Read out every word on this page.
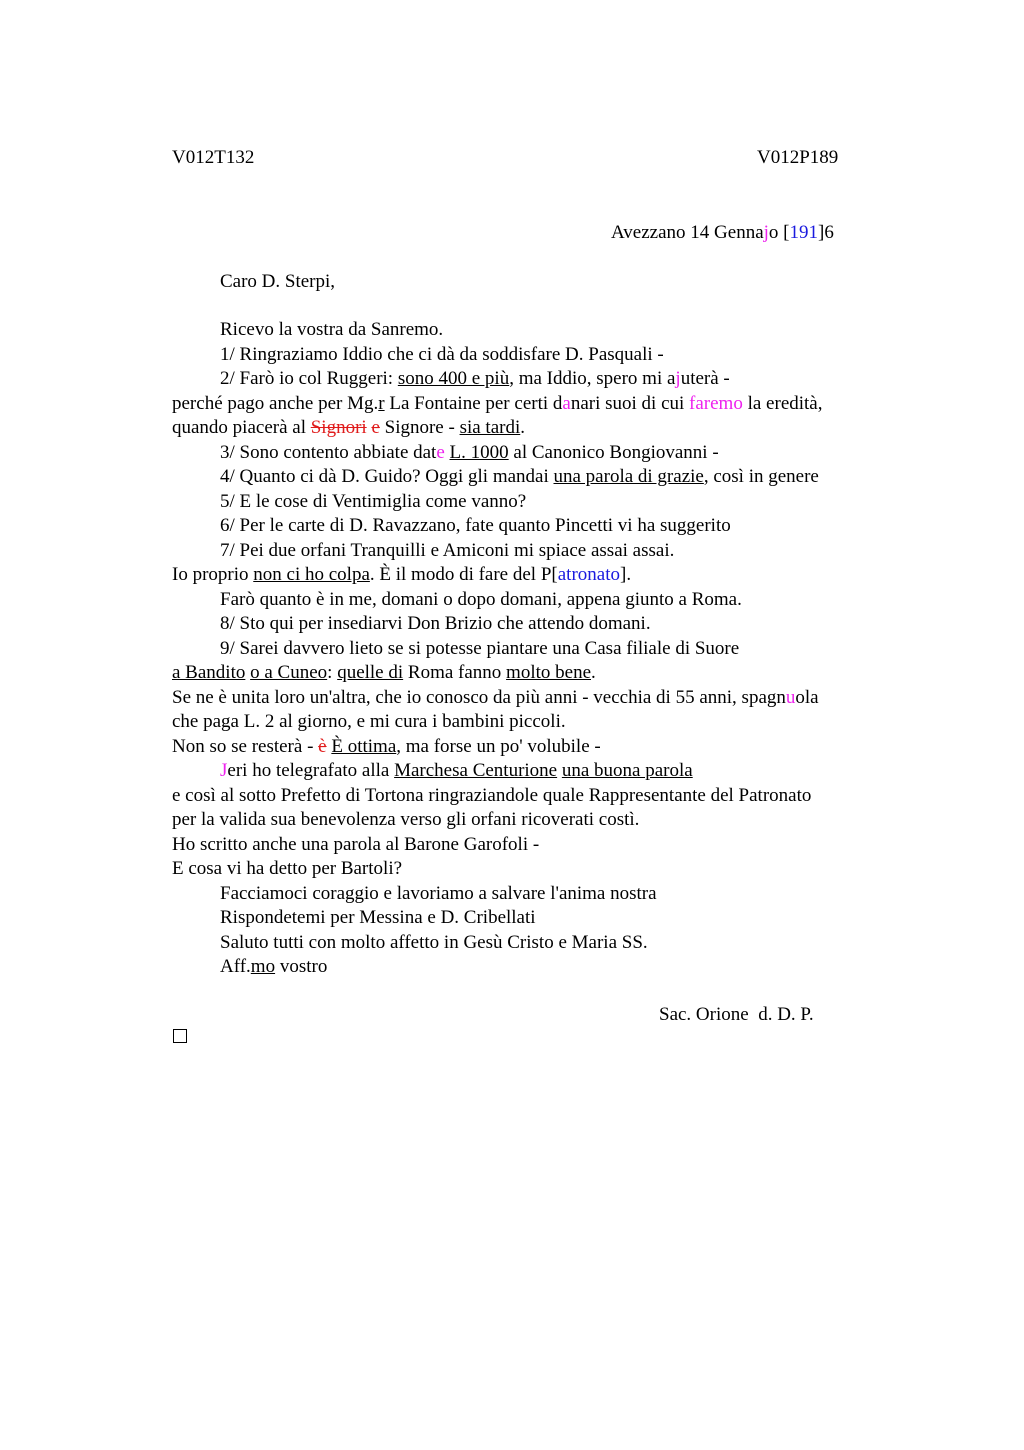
V012T132	V012P189
Avezzano 14 Gennajo [191]6
Caro D. Sterpi,
Ricevo la vostra da Sanremo.
1/ Ringraziamo Iddio che ci dà da soddisfare D. Pasquali -
2/ Farò io col Ruggeri: sono 400 e più, ma Iddio, spero mi ajuterà -
perché pago anche per Mg.r La Fontaine per certi danari suoi di cui faremo la eredità,
quando piacerà al Signori e Signore - sia tardi.
3/ Sono contento abbiate date L. 1000 al Canonico Bongiovanni -
4/ Quanto ci dà D. Guido? Oggi gli mandai una parola di grazie, così in genere
5/ E le cose di Ventimiglia come vanno?
6/ Per le carte di D. Ravazzano, fate quanto Pincetti vi ha suggerito
7/ Pei due orfani Tranquilli e Amiconi mi spiace assai assai.
Io proprio non ci ho colpa. È il modo di fare del P[atronato].
Farò quanto è in me, domani o dopo domani, appena giunto a Roma.
8/ Sto qui per insediarvi Don Brizio che attendo domani.
9/ Sarei davvero lieto se si potesse piantare una Casa filiale di Suore
a Bandito o a Cuneo: quelle di Roma fanno molto bene.
Se ne è unita loro un'altra, che io conosco da più anni - vecchia di 55 anni, spagnuola
che paga L. 2 al giorno, e mi cura i bambini piccoli.
Non so se resterà - è È ottima, ma forse un po' volubile -
Jeri ho telegrafato alla Marchesa Centurione una buona parola
e così al sotto Prefetto di Tortona ringraziandole quale Rappresentante del Patronato
per la valida sua benevolenza verso gli orfani ricoverati costì.
Ho scritto anche una parola al Barone Garofoli -
E cosa vi ha detto per Bartoli?
Facciamoci coraggio e lavoriamo a salvare l'anima nostra
Rispondetemi per Messina e D. Cribellati
Saluto tutti con molto affetto in Gesù Cristo e Maria SS.
Aff.mo vostro
Sac. Orione  d. D. P.
